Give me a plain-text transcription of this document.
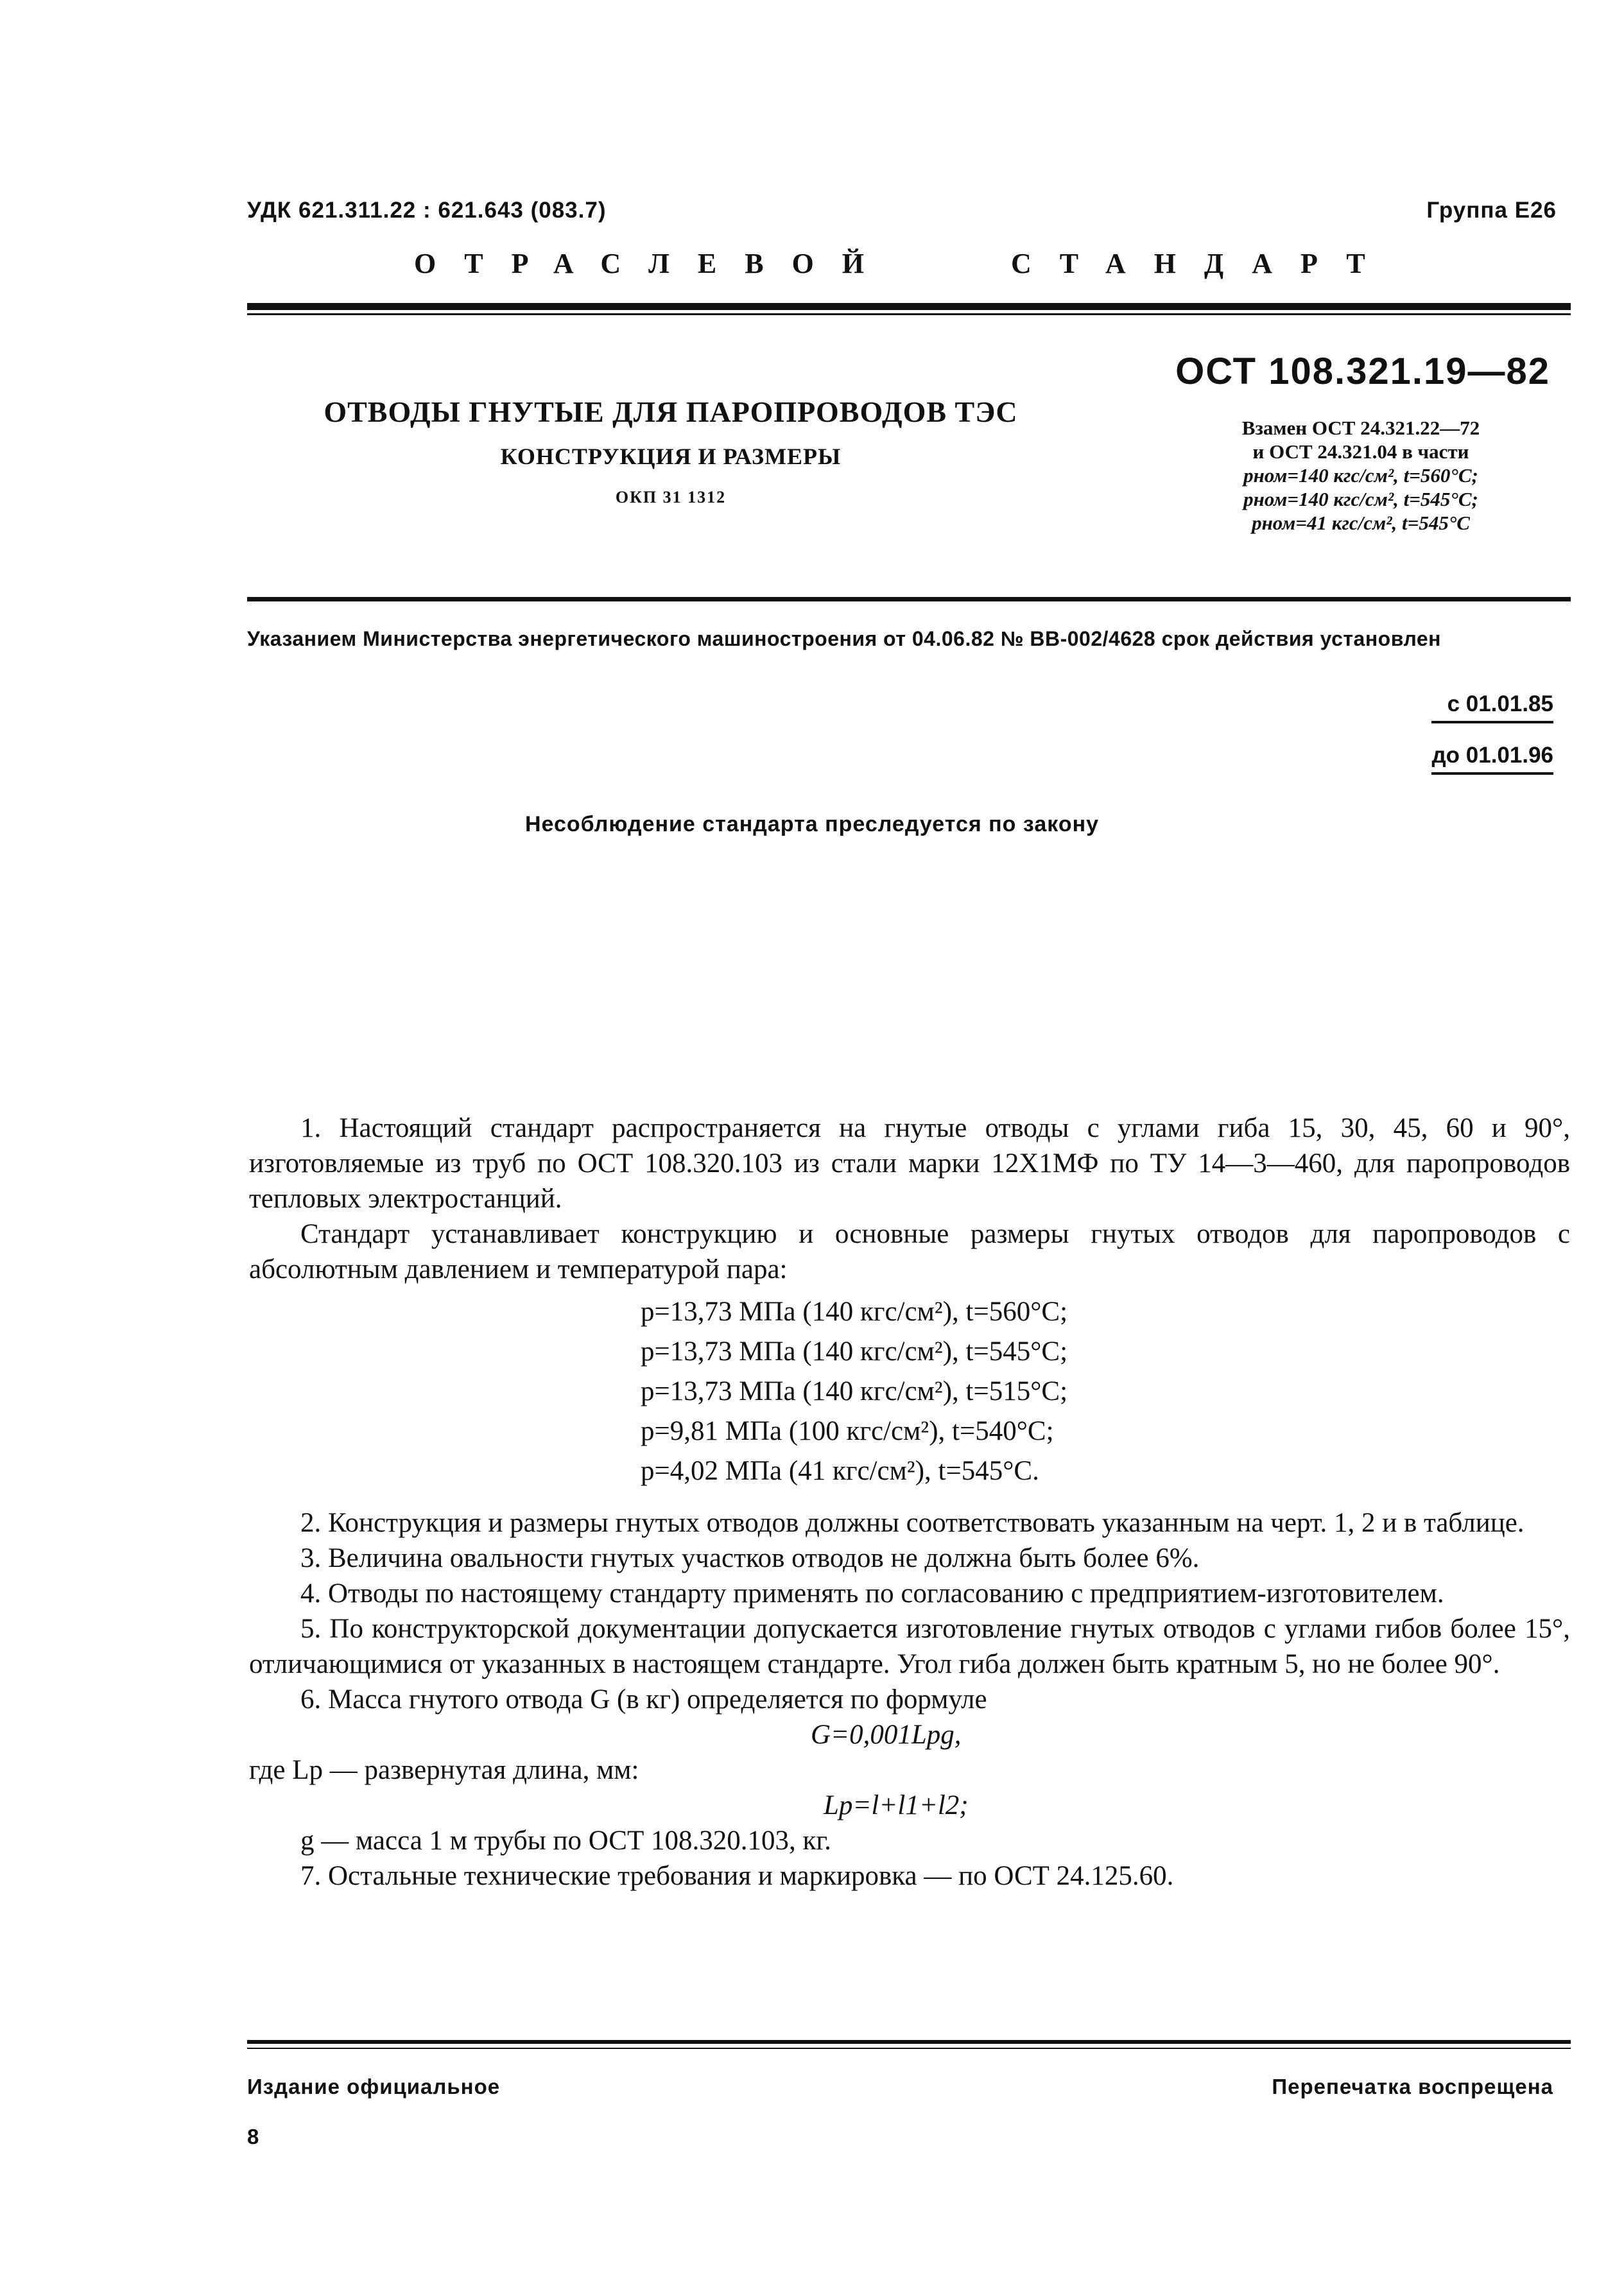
УДК 621.311.22 : 621.643 (083.7)	Группа Е26
ОТРАСЛЕВОЙ	СТАНДАРТ
ОСТ 108.321.19—82
ОТВОДЫ ГНУТЫЕ ДЛЯ ПАРОПРОВОДОВ ТЭС
КОНСТРУКЦИЯ И РАЗМЕРЫ
ОКП 31 1312
Взамен ОСТ 24.321.22—72
и ОСТ 24.321.04 в части
pном=140 кгс/см², t=560°С;
pном=140 кгс/см², t=545°С;
pном=41 кгс/см², t=545°С
Указанием Министерства энергетического машиностроения от 04.06.82 № ВВ-002/4628 срок действия установлен
с 01.01.85
до 01.01.96
Несоблюдение стандарта преследуется по закону

1. Настоящий стандарт распространяется на гнутые отводы с углами гиба 15, 30, 45, 60 и 90°, изготовляемые из труб по ОСТ 108.320.103 из стали марки 12Х1МФ по ТУ 14—3—460, для паропроводов тепловых электростанций.

Стандарт устанавливает конструкцию и основные размеры гнутых отводов для паропроводов с абсолютным давлением и температурой пара:

p=13,73 МПа (140 кгс/см²), t=560°С;
p=13,73 МПа (140 кгс/см²), t=545°С;
p=13,73 МПа (140 кгс/см²), t=515°С;
p=9,81 МПа (100 кгс/см²), t=540°С;
p=4,02 МПа (41 кгс/см²), t=545°С.

2. Конструкция и размеры гнутых отводов должны соответствовать указанным на черт. 1, 2 и в таблице.

3. Величина овальности гнутых участков отводов не должна быть более 6%.

4. Отводы по настоящему стандарту применять по согласованию с предприятием-изготовителем.

5. По конструкторской документации допускается изготовление гнутых отводов с углами гибов более 15°, отличающимися от указанных в настоящем стандарте. Угол гиба должен быть кратным 5, но не более 90°.

6. Масса гнутого отвода G (в кг) определяется по формуле

G=0,001Lpg,

где Lp — развернутая длина, мм:

Lp=l+l1+l2;

g — масса 1 м трубы по ОСТ 108.320.103, кг.

7. Остальные технические требования и маркировка — по ОСТ 24.125.60.

Издание официальное	Перепечатка воспрещена
8
